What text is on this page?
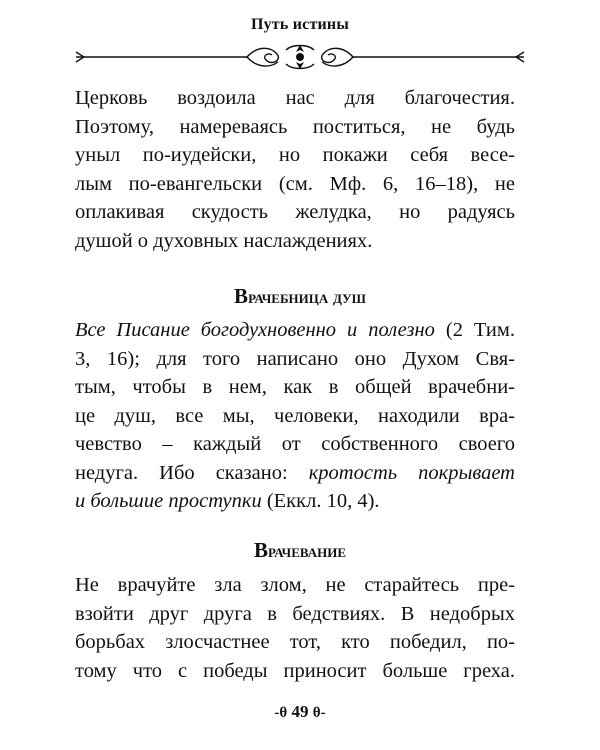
Путь истины
Церковь воздоила нас для благочестия.
Поэтому, намереваясь поститься, не будь
уныл по-иудейски, но покажи себя весе-
лым по-евангельски (см. Мф. 6, 16–18), не
оплакивая скудость желудка, но радуясь
душой о духовных наслаждениях.
Врачебница душ
Все Писание богодухновенно и полезно (2 Тим.
3, 16); для того написано оно Духом Свя-
тым, чтобы в нем, как в общей врачебни-
це душ, все мы, человеки, находили вра-
чевство – каждый от собственного своего
недуга. Ибо сказано: кротость покрывает
и большие проступки (Еккл. 10, 4).
Врачевание
Не врачуйте зла злом, не старайтесь пре-
взойти друг друга в бедствиях. В недобрых
борьбах злосчастнее тот, кто победил, по-
тому что с победы приносит больше греха.
-θ 49 θ-
